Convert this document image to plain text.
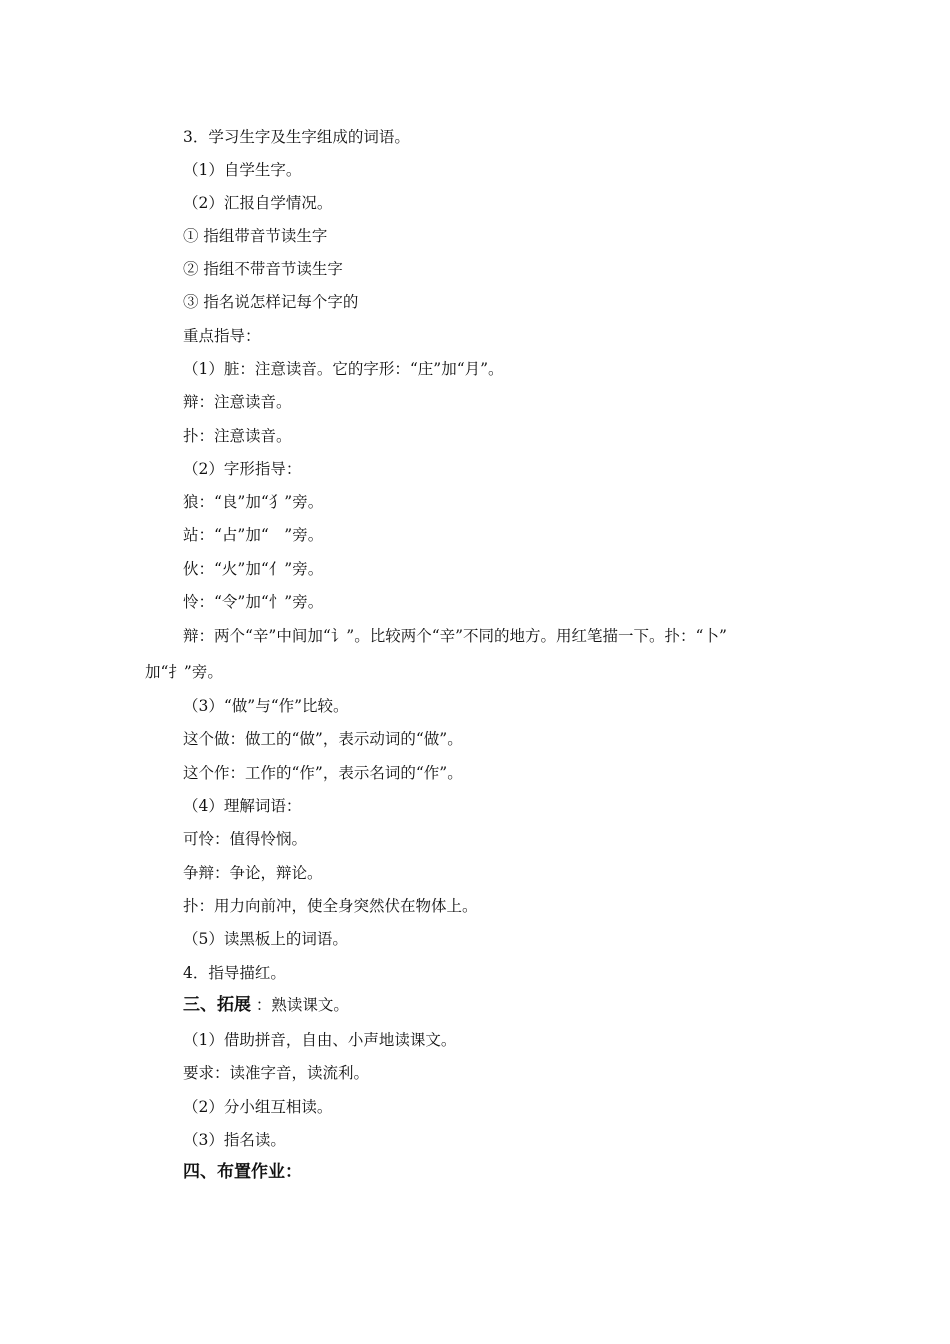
3．学习生字及生字组成的词语。

（1）自学生字。

（2）汇报自学情况。

① 指组带音节读生字

② 指组不带音节读生字

③ 指名说怎样记每个字的

重点指导：

（1）脏：注意读音。它的字形：“庄”加“月”。

辩：注意读音。

扑：注意读音。

（2）字形指导：

狼：“良”加“犭”旁。

站：“占”加“　”旁。

伙：“火”加“亻”旁。

怜：“令”加“忄”旁。

辩：两个“辛”中间加“讠”。比较两个“辛”不同的地方。用红笔描一下。扑：“卜”

加“扌”旁。

（3）“做”与“作”比较。

这个做：做工的“做”，表示动词的“做”。

这个作：工作的“作”，表示名词的“作”。

（4）理解词语：

可怜：值得怜悯。

争辩：争论，辩论。

扑：用力向前冲，使全身突然伏在物体上。

（5）读黑板上的词语。

4．指导描红。

三、拓展 ：熟读课文。

（1）借助拼音，自由、小声地读课文。

要求：读准字音，读流利。

（2）分小组互相读。

（3）指名读。

四、布置作业：
